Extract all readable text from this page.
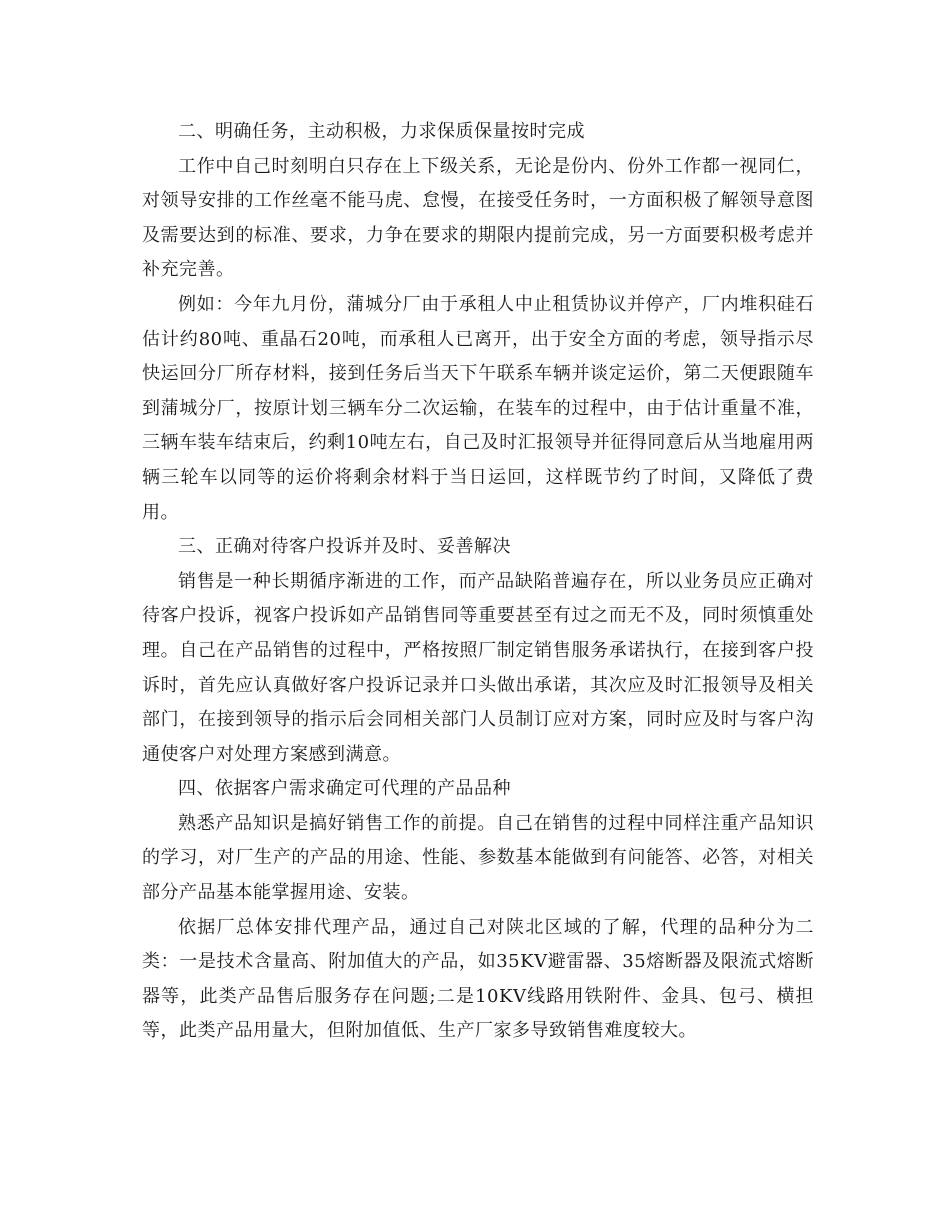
二、明确任务，主动积极，力求保质保量按时完成

工作中自己时刻明白只存在上下级关系，无论是份内、份外工作都一视同仁，对领导安排的工作丝毫不能马虎、怠慢，在接受任务时，一方面积极了解领导意图及需要达到的标准、要求，力争在要求的期限内提前完成，另一方面要积极考虑并补充完善。

例如：今年九月份，蒲城分厂由于承租人中止租赁协议并停产，厂内堆积硅石估计约80吨、重晶石20吨，而承租人已离开，出于安全方面的考虑，领导指示尽快运回分厂所存材料，接到任务后当天下午联系车辆并谈定运价，第二天便跟随车到蒲城分厂，按原计划三辆车分二次运输，在装车的过程中，由于估计重量不准，三辆车装车结束后，约剩10吨左右，自己及时汇报领导并征得同意后从当地雇用两辆三轮车以同等的运价将剩余材料于当日运回，这样既节约了时间，又降低了费用。

三、正确对待客户投诉并及时、妥善解决

销售是一种长期循序渐进的工作，而产品缺陷普遍存在，所以业务员应正确对待客户投诉，视客户投诉如产品销售同等重要甚至有过之而无不及，同时须慎重处理。自己在产品销售的过程中，严格按照厂制定销售服务承诺执行，在接到客户投诉时，首先应认真做好客户投诉记录并口头做出承诺，其次应及时汇报领导及相关部门，在接到领导的指示后会同相关部门人员制订应对方案，同时应及时与客户沟通使客户对处理方案感到满意。

四、依据客户需求确定可代理的产品品种

熟悉产品知识是搞好销售工作的前提。自己在销售的过程中同样注重产品知识的学习，对厂生产的产品的用途、性能、参数基本能做到有问能答、必答，对相关部分产品基本能掌握用途、安装。

依据厂总体安排代理产品，通过自己对陕北区域的了解，代理的品种分为二类：一是技术含量高、附加值大的产品，如35KV避雷器、35熔断器及限流式熔断器等，此类产品售后服务存在问题;二是10KV线路用铁附件、金具、包弓、横担等，此类产品用量大，但附加值低、生产厂家多导致销售难度较大。
